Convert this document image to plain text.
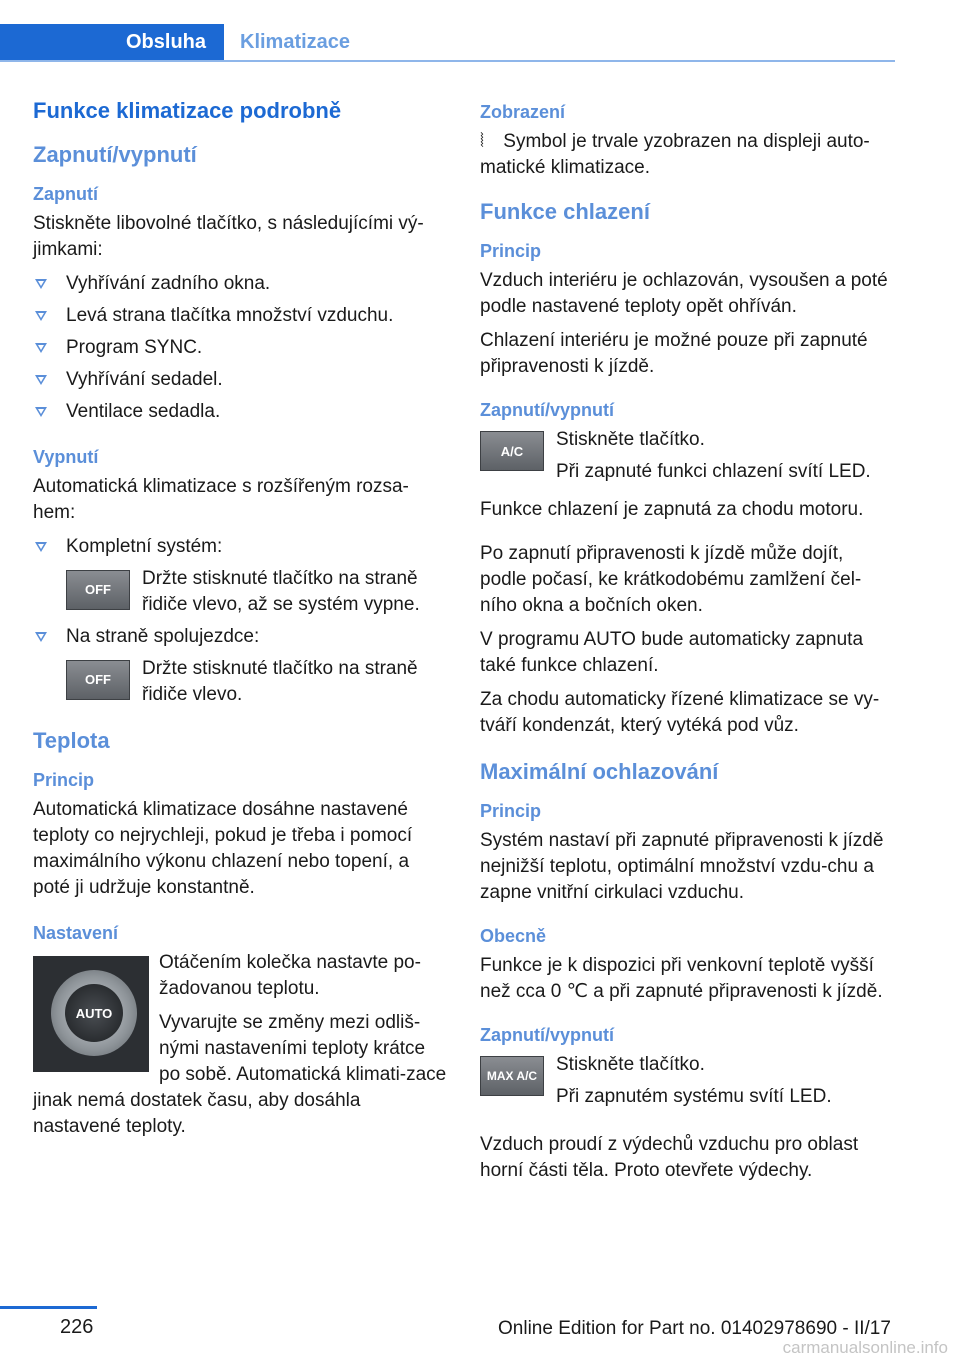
Obsluha	Klimatizace
Funkce klimatizace podrobně
Zapnutí/vypnutí
Zapnutí

Stiskněte libovolné tlačítko, s následujícími vý‐jimkami:

Vyhřívání zadního okna.
Levá strana tlačítka množství vzduchu.
Program SYNC.
Vyhřívání sedadel.
Ventilace sedadla.
Vypnutí

Automatická klimatizace s rozšířeným rozsa‐hem:

Kompletní systém:
OFF
Držte stisknuté tlačítko na straně řidiče vlevo, až se systém vypne.
Na straně spolujezdce:
OFF
Držte stisknuté tlačítko na straně řidiče vlevo.
Teplota
Princip

Automatická klimatizace dosáhne nastavené teploty co nejrychleji, pokud je třeba i pomocí maximálního výkonu chlazení nebo topení, a poté ji udržuje konstantně.

Nastavení
AUTO

Otáčením kolečka nastavte po‐žadovanou teplotu.

Vyvarujte se změny mezi odliš‐nými nastaveními teploty krátce po sobě. Automatická klimati‐zace jinak nemá dostatek času, aby dosáhla nastavené teploty.

Zobrazení

⦚ Symbol je trvale yzobrazen na displeji auto‐matické klimatizace.

Funkce chlazení
Princip

Vzduch interiéru je ochlazován, vysoušen a poté podle nastavené teploty opět ohříván.

Chlazení interiéru je možné pouze při zapnuté připravenosti k jízdě.

Zapnutí/vypnutí
A/C

Stiskněte tlačítko.

Při zapnuté funkci chlazení svítí LED.

Funkce chlazení je zapnutá za chodu motoru.

Po zapnutí připravenosti k jízdě může dojít, podle počasí, ke krátkodobému zamlžení čel‐ního okna a bočních oken.

V programu AUTO bude automaticky zapnuta také funkce chlazení.

Za chodu automaticky řízené klimatizace se vy‐tváří kondenzát, který vytéká pod vůz.

Maximální ochlazování
Princip

Systém nastaví při zapnuté připravenosti k jízdě nejnižší teplotu, optimální množství vzdu‐chu a zapne vnitřní cirkulaci vzduchu.

Obecně

Funkce je k dispozici při venkovní teplotě vyšší než cca 0 ℃ a při zapnuté připravenosti k jízdě.

Zapnutí/vypnutí
MAX A/C

Stiskněte tlačítko.

Při zapnutém systému svítí LED.

Vzduch proudí z výdechů vzduchu pro oblast horní části těla. Proto otevřete výdechy.

226	Online Edition for Part no. 01402978690 - II/17
carmanualsonline.info
